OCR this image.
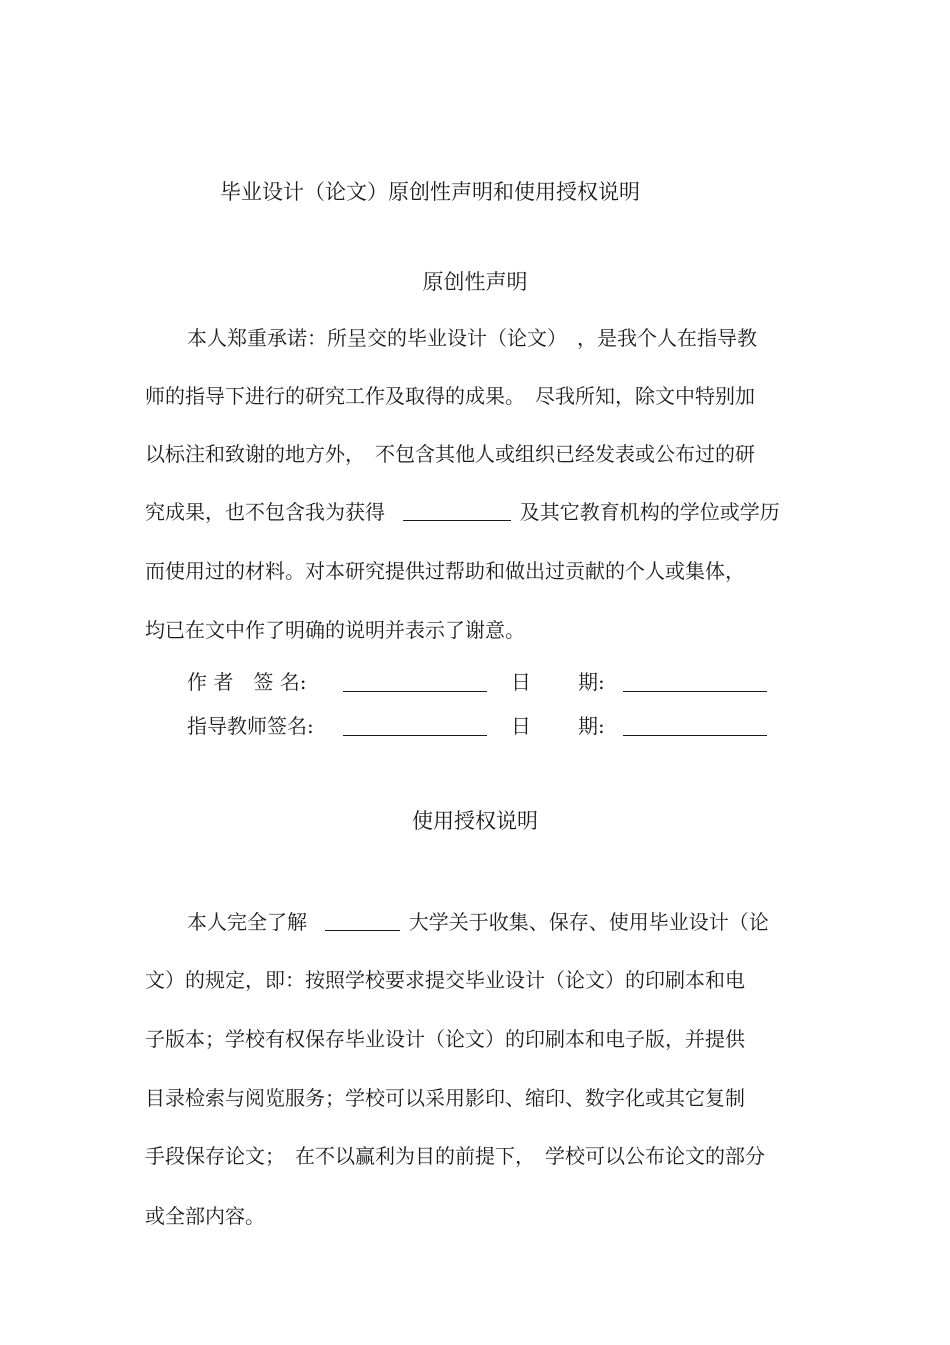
毕业设计（论文）原创性声明和使用授权说明
原创性声明
本人郑重承诺：所呈交的毕业设计（论文）　，是我个人在指导教
师的指导下进行的研究工作及取得的成果。　尽我所知，除文中特别加
以标注和致谢的地方外，　不包含其他人或组织已经发表或公布过的研
究成果，也不包含我为获得	及其它教育机构的学位或学历
而使用过的材料。对本研究提供过帮助和做出过贡献的个人或集体，
均已在文中作了明确的说明并表示了谢意。
作 者　签 名:	日 期:
指导教师签名:	日 期:
使用授权说明
本人完全了解	大学关于收集、保存、使用毕业设计（论
文）的规定，即：按照学校要求提交毕业设计（论文）的印刷本和电
子版本；学校有权保存毕业设计（论文）的印刷本和电子版，并提供
目录检索与阅览服务；学校可以采用影印、缩印、数字化或其它复制
手段保存论文；　在不以赢利为目的前提下，　学校可以公布论文的部分
或全部内容。
